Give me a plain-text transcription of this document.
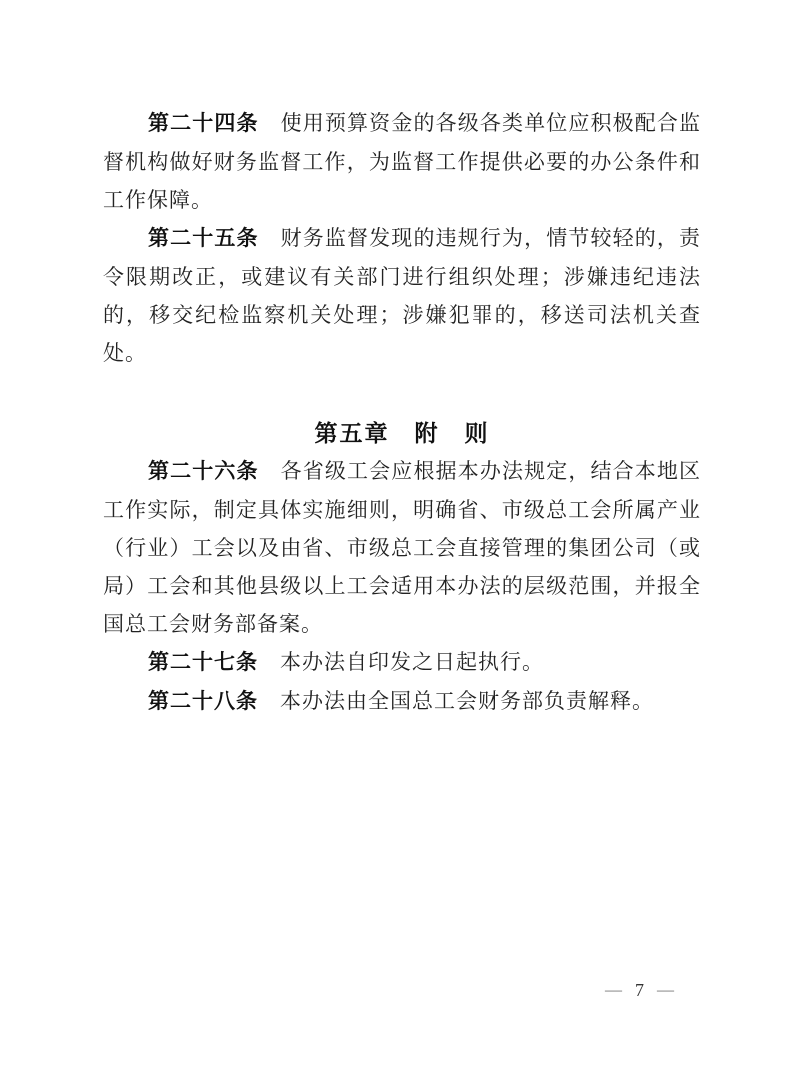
第二十四条 使用预算资金的各级各类单位应积极配合监督机构做好财务监督工作，为监督工作提供必要的办公条件和工作保障。

第二十五条 财务监督发现的违规行为，情节较轻的，责令限期改正，或建议有关部门进行组织处理；涉嫌违纪违法的，移交纪检监察机关处理；涉嫌犯罪的，移送司法机关查处。

第五章　附　则

第二十六条 各省级工会应根据本办法规定，结合本地区工作实际，制定具体实施细则，明确省、市级总工会所属产业（行业）工会以及由省、市级总工会直接管理的集团公司（或局）工会和其他县级以上工会适用本办法的层级范围，并报全国总工会财务部备案。

第二十七条 本办法自印发之日起执行。

第二十八条 本办法由全国总工会财务部负责解释。

— 7 —
